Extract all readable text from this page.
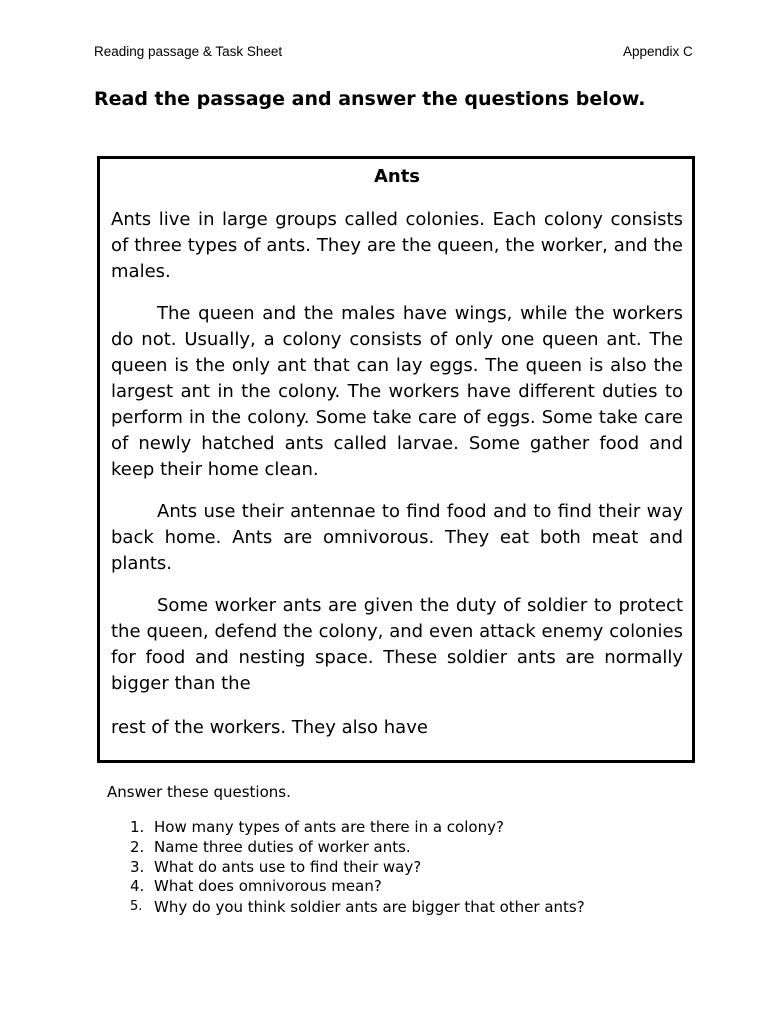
Reading passage & Task Sheet	Appendix C
Read the passage and answer the questions below.
Ants

Ants live in large groups called colonies. Each colony consists of three types of ants. They are the queen, the worker, and the males.

The queen and the males have wings, while the workers do not. Usually, a colony consists of only one queen ant. The queen is the only ant that can lay eggs. The queen is also the largest ant in the colony. The workers have different duties to perform in the colony. Some take care of eggs. Some take care of newly hatched ants called larvae. Some gather food and keep their home clean.

Ants use their antennae to find food and to find their way back home. Ants are omnivorous. They eat both meat and plants.

Some worker ants are given the duty of soldier to protect the queen, defend the colony, and even attack enemy colonies for food and nesting space. These soldier ants are normally bigger than the

rest of the workers. They also have

Answer these questions.
1. How many types of ants are there in a colony?
2. Name three duties of worker ants.
3. What do ants use to find their way?
4. What does omnivorous mean?
5. Why do you think soldier ants are bigger that other ants?
